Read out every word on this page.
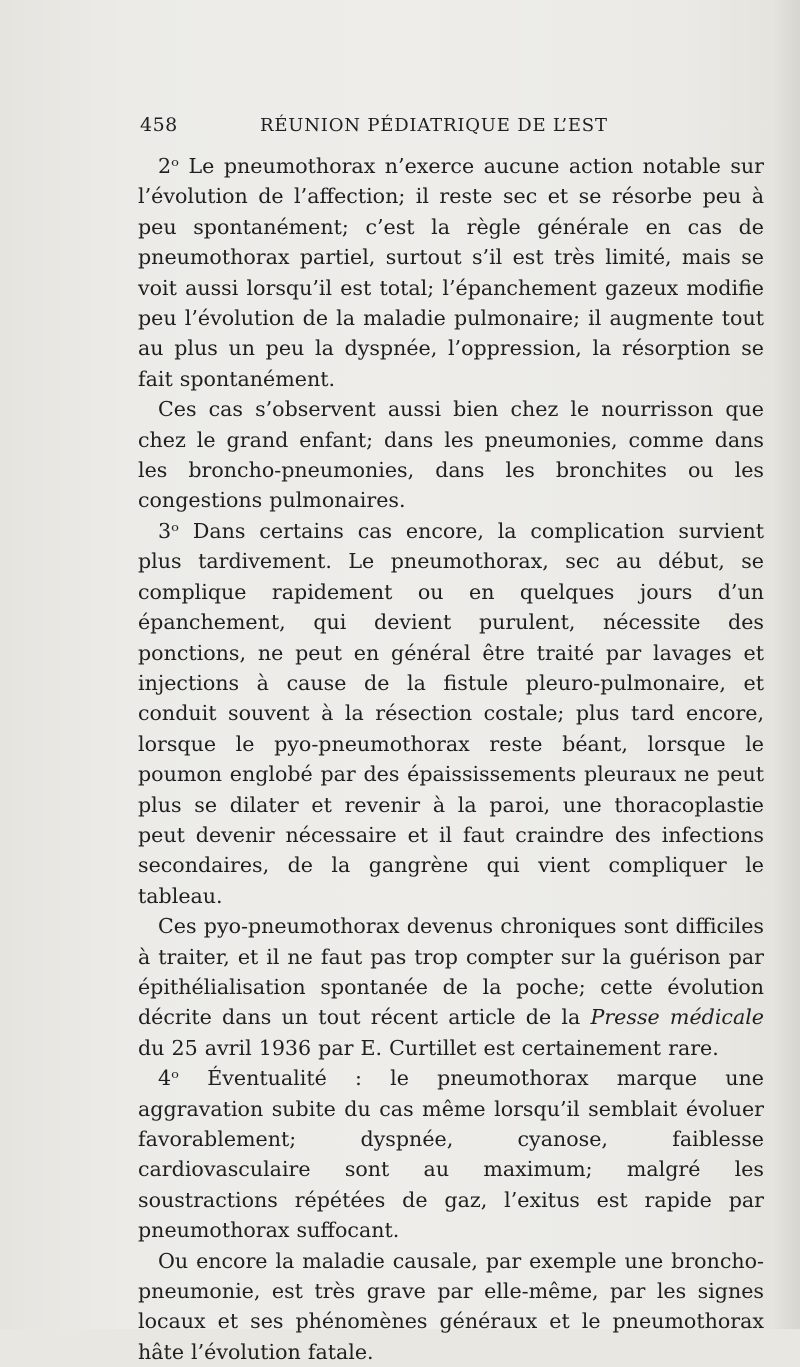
458	RÉUNION PÉDIATRIQUE DE L’EST

2ᵒ Le pneumothorax n’exerce aucune action notable sur l’évolution de l’affection; il reste sec et se résorbe peu à peu spontanément; c’est la règle générale en cas de pneumothorax partiel, surtout s’il est très limité, mais se voit aussi lorsqu’il est total; l’épanchement gazeux modifie peu l’évolution de la maladie pulmonaire; il augmente tout au plus un peu la dyspnée, l’oppression, la résorption se fait spontanément.

Ces cas s’observent aussi bien chez le nourrisson que chez le grand enfant; dans les pneumonies, comme dans les broncho-pneumonies, dans les bronchites ou les congestions pulmonaires.

3ᵒ Dans certains cas encore, la complication survient plus tardivement. Le pneumothorax, sec au début, se complique rapidement ou en quelques jours d’un épanchement, qui devient purulent, nécessite des ponctions, ne peut en général être traité par lavages et injections à cause de la fistule pleuro-pulmonaire, et conduit souvent à la résection costale; plus tard encore, lorsque le pyo-pneumothorax reste béant, lorsque le poumon englobé par des épaississements pleuraux ne peut plus se dilater et revenir à la paroi, une thoracoplastie peut devenir nécessaire et il faut craindre des infections secondaires, de la gangrène qui vient compliquer le tableau.

Ces pyo-pneumothorax devenus chroniques sont difficiles à traiter, et il ne faut pas trop compter sur la guérison par épithélialisation spontanée de la poche; cette évolution décrite dans un tout récent article de la Presse médicale du 25 avril 1936 par E. Curtillet est certainement rare.

4ᵒ Éventualité : le pneumothorax marque une aggravation subite du cas même lorsqu’il semblait évoluer favorablement; dyspnée, cyanose, faiblesse cardiovasculaire sont au maximum; malgré les soustractions répétées de gaz, l’exitus est rapide par pneumothorax suffocant.

Ou encore la maladie causale, par exemple une broncho-pneumonie, est très grave par elle-même, par les signes locaux et ses phénomènes généraux et le pneumothorax hâte l’évolution fatale.
